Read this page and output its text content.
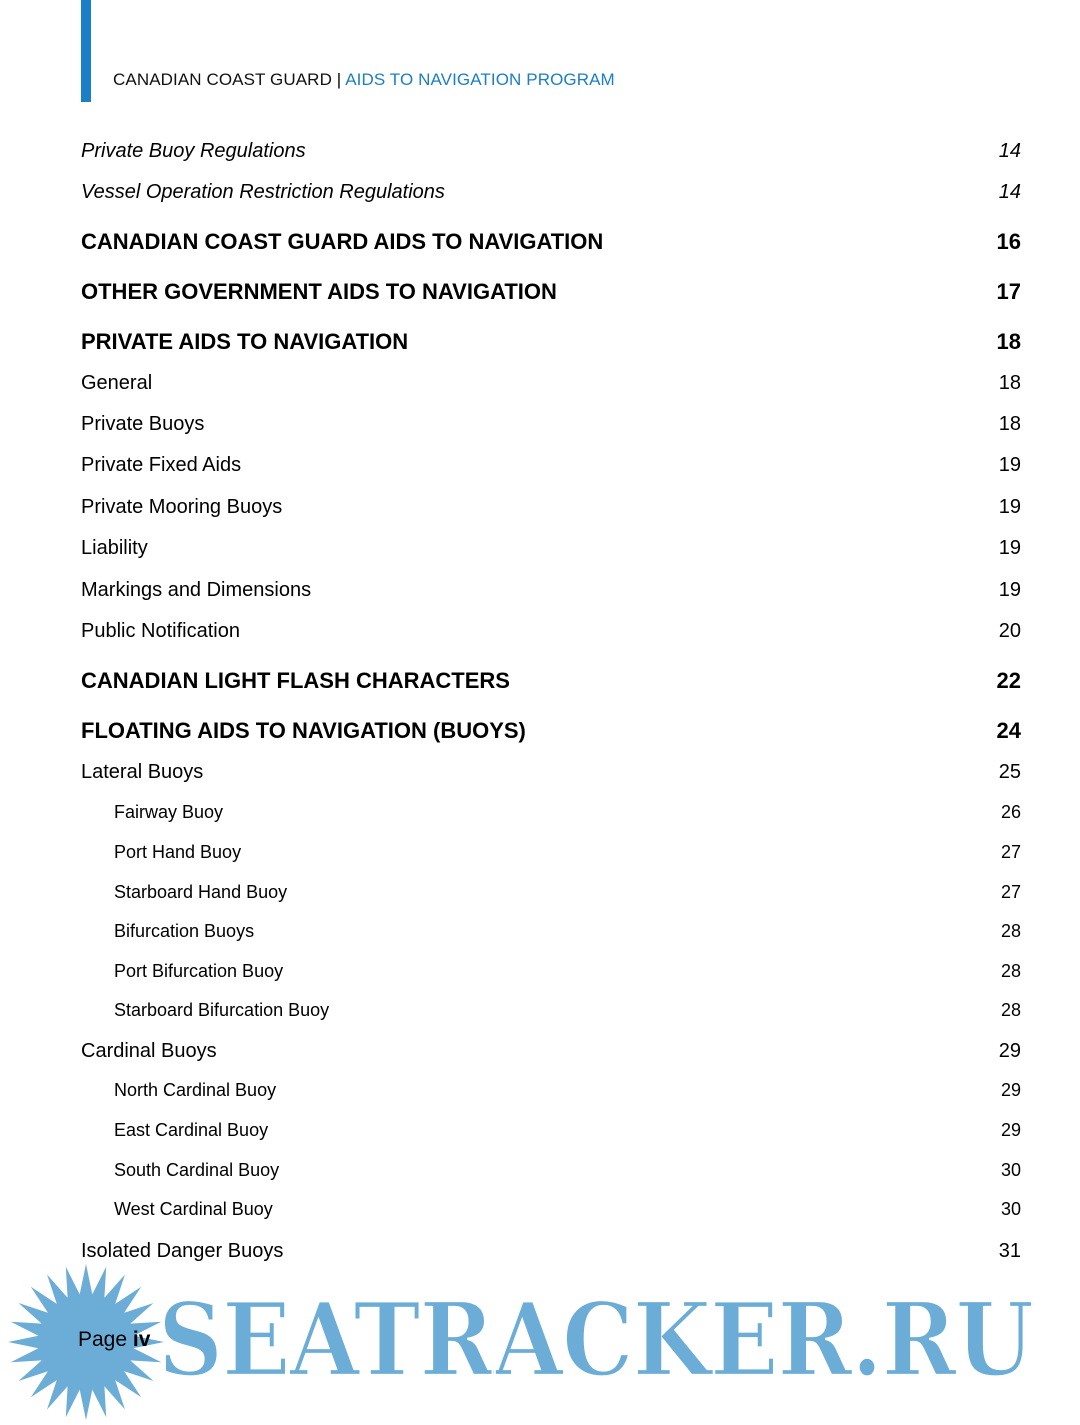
CANADIAN COAST GUARD | AIDS TO NAVIGATION PROGRAM
Private Buoy Regulations	14
Vessel Operation Restriction Regulations	14
CANADIAN COAST GUARD AIDS TO NAVIGATION	16
OTHER GOVERNMENT AIDS TO NAVIGATION	17
PRIVATE AIDS TO NAVIGATION	18
General	18
Private Buoys	18
Private Fixed Aids	19
Private Mooring Buoys	19
Liability	19
Markings and Dimensions	19
Public Notification	20
CANADIAN LIGHT FLASH CHARACTERS	22
FLOATING AIDS TO NAVIGATION (BUOYS)	24
Lateral Buoys	25
Fairway Buoy	26
Port Hand Buoy	27
Starboard Hand Buoy	27
Bifurcation Buoys	28
Port Bifurcation Buoy	28
Starboard Bifurcation Buoy	28
Cardinal Buoys	29
North Cardinal Buoy	29
East Cardinal Buoy	29
South Cardinal Buoy	30
West Cardinal Buoy	30
Isolated Danger Buoys	31
SEATRACKER.RU
Page iv
